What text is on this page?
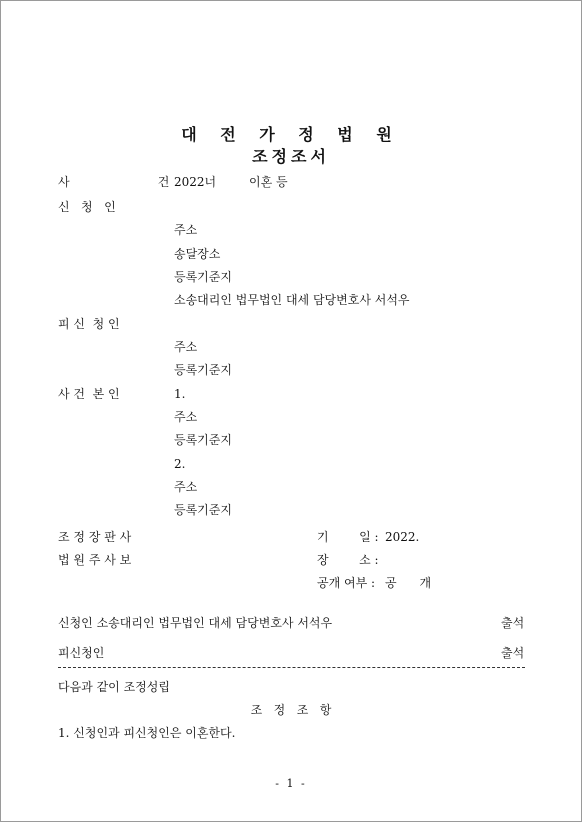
대 전 가 정 법 원
조정조서
사          건 2022너	이혼 등
신   청   인
주소
송달장소
등록기준지
소송대리인 법무법인 대세 담당변호사 서석우
피 신  청 인
주소
등록기준지
사 건  본 인	1.
주소
등록기준지
2.
주소
등록기준지
조 정 장 판 사
법 원 주 사 보
기        일 : 2022.
장        소 :
공개 여부 : 공      개
신청인 소송대리인 법무법인 대세 담당변호사 서석우	출석
피신청인	출석
다음과 같이 조정성립
조   정   조   항
1. 신청인과 피신청인은 이혼한다.
- 1 -
